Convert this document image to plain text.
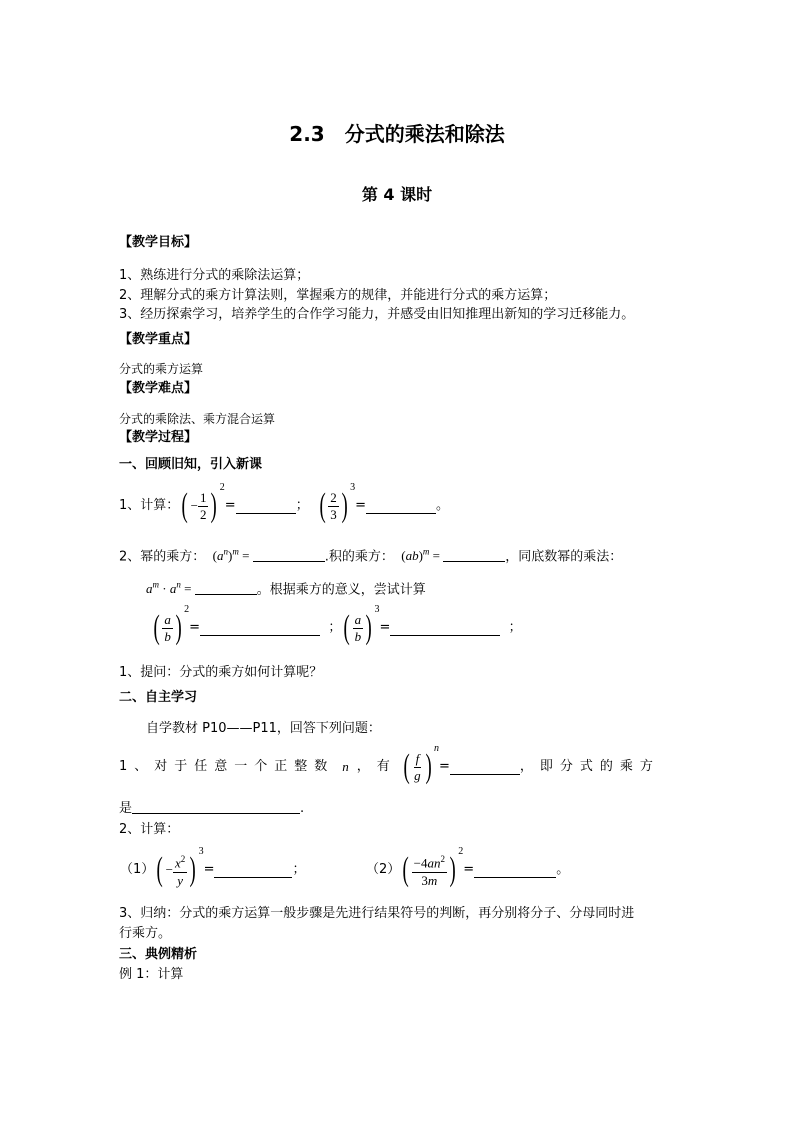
2.3　分式的乘法和除法
第 4 课时
【教学目标】
1、熟练进行分式的乘除法运算；
2、理解分式的乘方计算法则，掌握乘方的规律，并能进行分式的乘方运算；
3、经历探索学习，培养学生的合作学习能力，并感受由旧知推理出新知的学习迁移能力。
【教学重点】
分式的乘方运算
【教学难点】
分式的乘除法、乘方混合运算
【教学过程】
一、回顾旧知，引入新课
1、计算： ( − $\frac{1}{2}$ ) 2
=	； ( $\frac{2}{3}$ ) 3
=	。
2、幂的乘方：  $(a^n)^m$ =	.积的乘方：  (ab)$^m$ =	，同底数幂的乘法：
$a^m \cdot a^n$ =	。根据乘方的意义，尝试计算
( $\frac{a}{b}$ ) 2
=	； ( $\frac{a}{b}$ ) 3
=	；
1、提问：分式的乘方如何计算呢？
二、自主学习
自学教材 P10——P11，回答下列问题：
1、对于任意一个正整数 n ，有 ( $\frac{f}{g}$ ) n
=	，即分式的乘方
是	.
2、计算：
（1） ( − $\frac{x^2}{y}$ ) 3
=	；	（2） ( $\frac{-4an^2}{3m}$ ) 2
=	。
3、归纳：分式的乘方运算一般步骤是先进行结果符号的判断，再分别将分子、分母同时进
行乘方。
三、典例精析
例 1：计算
